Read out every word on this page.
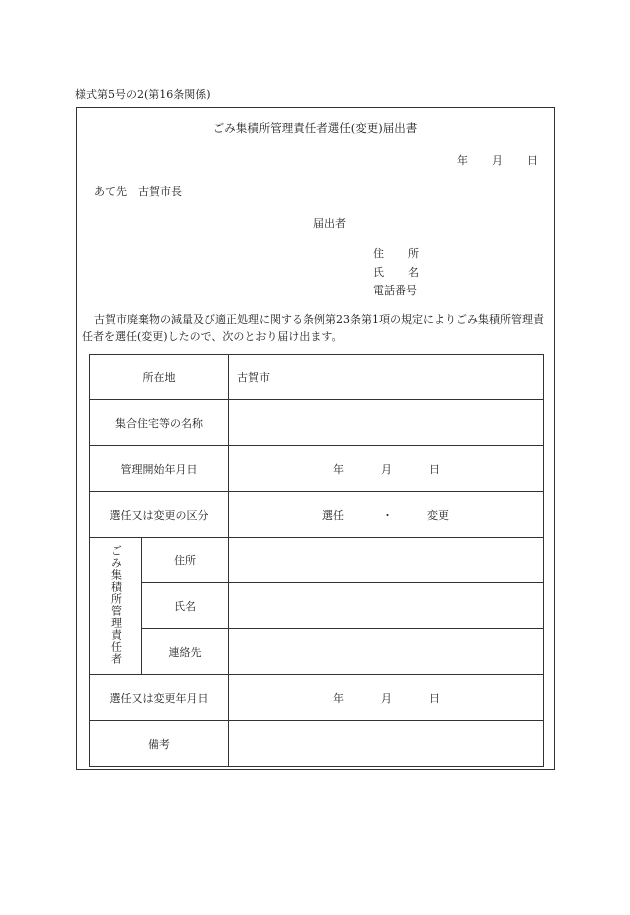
様式第5号の2(第16条関係)
ごみ集積所管理責任者選任(変更)届出書
年 月 日
あて先　古賀市長
届出者
住 所
氏 名
電話番号
古賀市廃棄物の減量及び適正処理に関する条例第23条第1項の規定によりごみ集積所管理責任者を選任(変更)したので、次のとおり届け出ます。
所在地		古賀市
集合住宅等の名称		
管理開始年月日		年 月 日

選任又は変更の区分		選任 ・ 変更

ごみ集積所管理責任者	住所	
	氏名	
	連絡先	
選任又は変更年月日		年 月 日

備考		
